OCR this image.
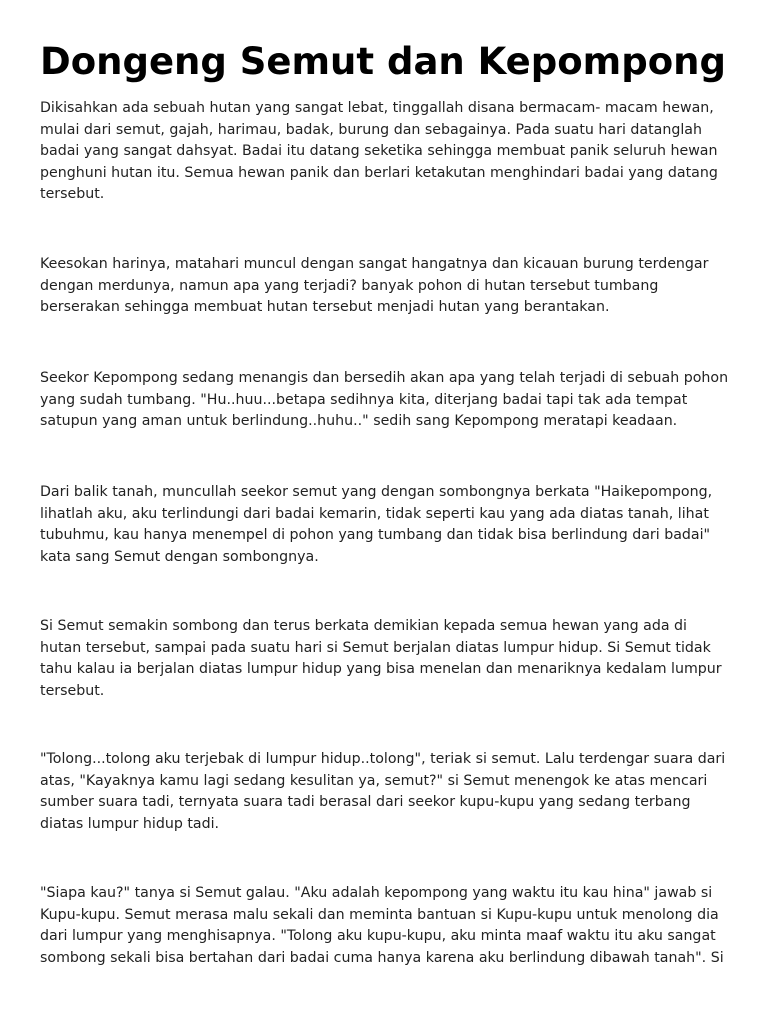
Dongeng Semut dan Kepompong

Dikisahkan ada sebuah hutan yang sangat lebat, tinggallah disana bermacam- macam hewan, mulai dari semut, gajah, harimau, badak, burung dan sebagainya. Pada suatu hari datanglah badai yang sangat dahsyat. Badai itu datang seketika sehingga membuat panik seluruh hewan penghuni hutan itu. Semua hewan panik dan berlari ketakutan menghindari badai yang datang tersebut.

Keesokan harinya, matahari muncul dengan sangat hangatnya dan kicauan burung terdengar dengan merdunya, namun apa yang terjadi? banyak pohon di hutan tersebut tumbang berserakan sehingga membuat hutan tersebut menjadi hutan yang berantakan.

Seekor Kepompong sedang menangis dan bersedih akan apa yang telah terjadi di sebuah pohon yang sudah tumbang. "Hu..huu...betapa sedihnya kita, diterjang badai tapi tak ada tempat satupun yang aman untuk berlindung..huhu.." sedih sang Kepompong meratapi keadaan.

Dari balik tanah, muncullah seekor semut yang dengan sombongnya berkata "Haikepompong, lihatlah aku, aku terlindungi dari badai kemarin, tidak seperti kau yang ada diatas tanah, lihat tubuhmu, kau hanya menempel di pohon yang tumbang dan tidak bisa berlindung dari badai" kata sang Semut dengan sombongnya.

Si Semut semakin sombong dan terus berkata demikian kepada semua hewan yang ada di hutan tersebut, sampai pada suatu hari si Semut berjalan diatas lumpur hidup. Si Semut tidak tahu kalau ia berjalan diatas lumpur hidup yang bisa menelan dan menariknya kedalam lumpur tersebut.

"Tolong...tolong aku terjebak di lumpur hidup..tolong", teriak si semut. Lalu terdengar suara dari atas, "Kayaknya kamu lagi sedang kesulitan ya, semut?" si Semut menengok ke atas mencari sumber suara tadi, ternyata suara tadi berasal dari seekor kupu-kupu yang sedang terbang diatas lumpur hidup tadi.

"Siapa kau?" tanya si Semut galau. "Aku adalah kepompong yang waktu itu kau hina" jawab si Kupu-kupu. Semut merasa malu sekali dan meminta bantuan si Kupu-kupu untuk menolong dia dari lumpur yang menghisapnya. "Tolong aku kupu-kupu, aku minta maaf waktu itu aku sangat sombong sekali bisa bertahan dari badai cuma hanya karena aku berlindung dibawah tanah". Si
